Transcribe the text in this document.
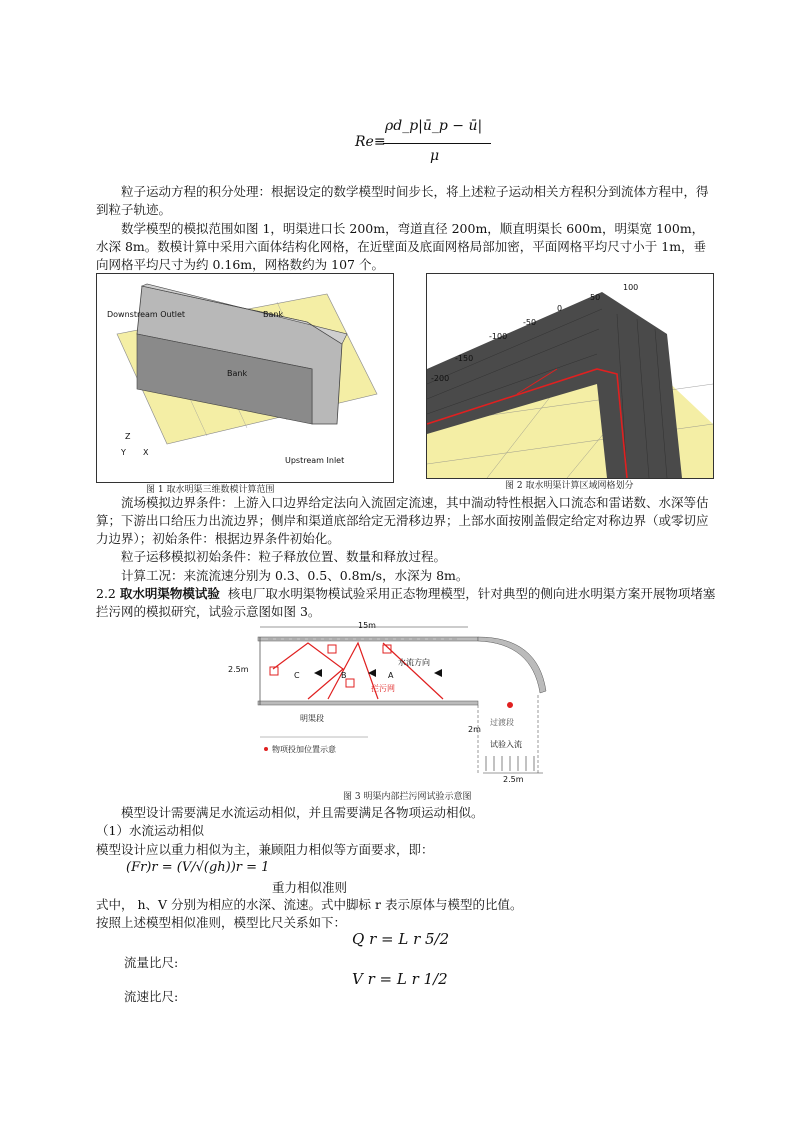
Re≡
ρd_p|ū_p − ū|
μ
粒子运动方程的积分处理：根据设定的数学模型时间步长，将上述粒子运动相关方程积分到流体方程中，得到粒子轨迹。
数学模型的模拟范围如图 1，明渠进口长 200m，弯道直径 200m，顺直明渠长 600m，明渠宽 100m，水深 8m。数模计算中采用六面体结构化网格，在近壁面及底面网格局部加密，平面网格平均尺寸小于 1m，垂向网格平均尺寸为约 0.16m，网格数约为 107 个。
Downstream Outlet	Bank
Bank
Upstream Inlet
Z
X
Y
图 1 取水明渠三维数模计算范围
100
50
0
-50
-100
-150
-200
图 2 取水明渠计算区域网格划分
流场模拟边界条件：上游入口边界给定法向入流固定流速，其中湍动特性根据入口流态和雷诺数、水深等估算；下游出口给压力出流边界；侧岸和渠道底部给定无滑移边界；上部水面按刚盖假定给定对称边界（或零切应力边界）；初始条件：根据边界条件初始化。
粒子运移模拟初始条件：粒子释放位置、数量和释放过程。
计算工况：来流流速分别为 0.3、0.5、0.8m/s，水深为 8m。
2.2 取水明渠物模试验 核电厂取水明渠物模试验采用正态物理模型，针对典型的侧向进水明渠方案开展物项堵塞拦污网的模拟研究，试验示意图如图 3。
15m
2.5m
水流方向
拦污网
A
B
C
明渠段	过渡段
试验入流
2m
2.5m
物项投加位置示意
图 3 明渠内部拦污网试验示意图
模型设计需要满足水流运动相似，并且需要满足各物项运动相似。
（1）水流运动相似
模型设计应以重力相似为主，兼顾阻力相似等方面要求，即：
(Fr)r = (V/√(gh))r = 1
重力相似准则
式中， h、V 分别为相应的水深、流速。式中脚标 r 表示原体与模型的比值。
按照上述模型相似准则，模型比尺关系如下：
Q r = L r 5/2
流量比尺:
V r = L r 1/2
流速比尺:
